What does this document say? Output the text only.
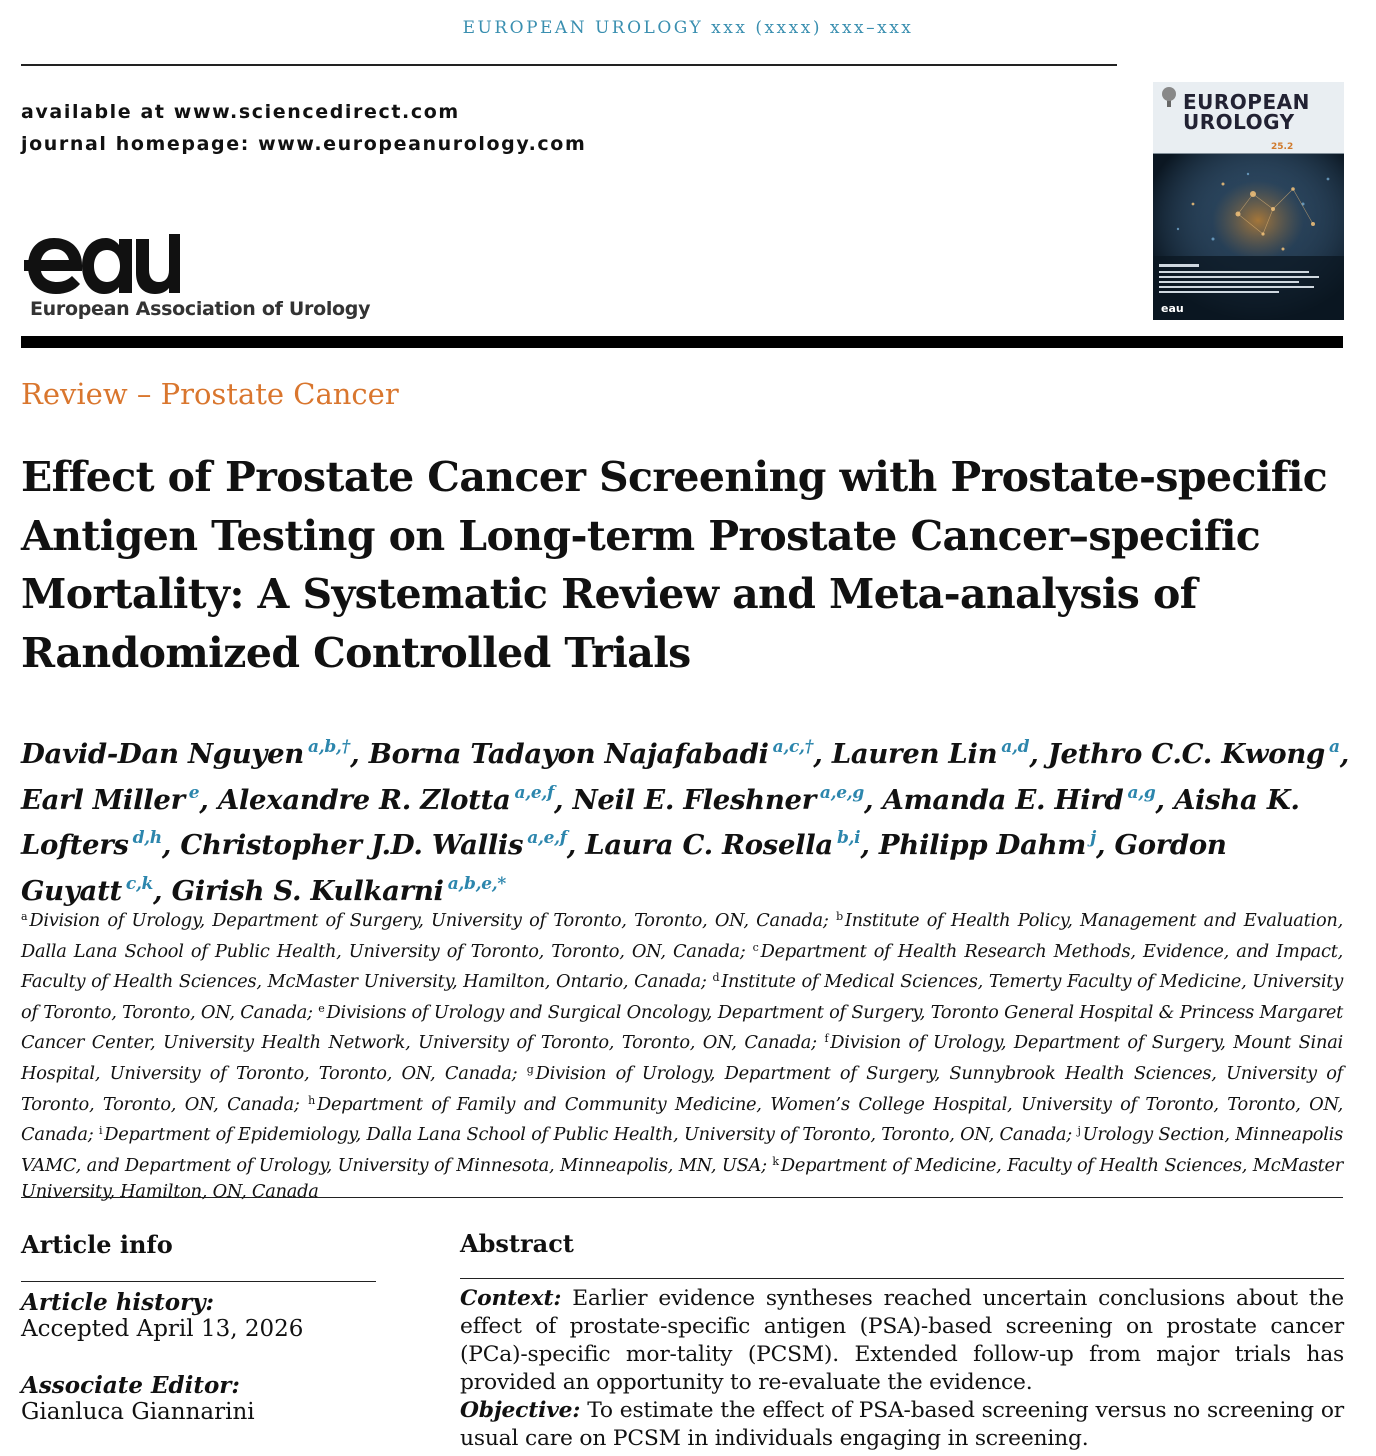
EUROPEAN UROLOGY xxx (xxxx) xxx–xxx
available at www.sciencedirect.com
journal homepage: www.europeanurology.com
European Association of Urology
EUROPEAN
UROLOGY
25.2
eau
Review – Prostate Cancer
Effect of Prostate Cancer Screening with Prostate-specific Antigen Testing on Long-term Prostate Cancer–specific Mortality: A Systematic Review and Meta-analysis of Randomized Controlled Trials
David-Dan Nguyen $^{a,b,\dagger}$, Borna Tadayon Najafabadi $^{a,c,\dagger}$, Lauren Lin $^{a,d}$, Jethro C.C. Kwong $^a$, Earl Miller $^e$, Alexandre R. Zlotta $^{a,e,f}$, Neil E. Fleshner $^{a,e,g}$, Amanda E. Hird $^{a,g}$, Aisha K. Lofters $^{d,h}$, Christopher J.D. Wallis $^{a,e,f}$, Laura C. Rosella $^{b,i}$, Philipp Dahm $^j$, Gordon Guyatt $^{c,k}$, Girish S. Kulkarni $^{a,b,e,*}$
$^a$ Division of Urology, Department of Surgery, University of Toronto, Toronto, ON, Canada; $^b$ Institute of Health Policy, Management and Evaluation, Dalla Lana School of Public Health, University of Toronto, Toronto, ON, Canada; $^c$ Department of Health Research Methods, Evidence, and Impact, Faculty of Health Sciences, McMaster University, Hamilton, Ontario, Canada; $^d$ Institute of Medical Sciences, Temerty Faculty of Medicine, University of Toronto, Toronto, ON, Canada; $^e$ Divisions of Urology and Surgical Oncology, Department of Surgery, Toronto General Hospital & Princess Margaret Cancer Center, University Health Network, University of Toronto, Toronto, ON, Canada; $^f$ Division of Urology, Department of Surgery, Mount Sinai Hospital, University of Toronto, Toronto, ON, Canada; $^g$ Division of Urology, Department of Surgery, Sunnybrook Health Sciences, University of Toronto, Toronto, ON, Canada; $^h$ Department of Family and Community Medicine, Women’s College Hospital, University of Toronto, Toronto, ON, Canada; $^i$ Department of Epidemiology, Dalla Lana School of Public Health, University of Toronto, Toronto, ON, Canada; $^j$ Urology Section, Minneapolis VAMC, and Department of Urology, University of Minnesota, Minneapolis, MN, USA; $^k$ Department of Medicine, Faculty of Health Sciences, McMaster University, Hamilton, ON, Canada
Article info
Article history:
Accepted April 13, 2026
Associate Editor:
Gianluca Giannarini
Abstract
Context: Earlier evidence syntheses reached uncertain conclusions about the effect of prostate-specific antigen (PSA)-based screening on prostate cancer (PCa)-specific mor-tality (PCSM). Extended follow-up from major trials has provided an opportunity to re-evaluate the evidence.
Objective: To estimate the effect of PSA-based screening versus no screening or usual care on PCSM in individuals engaging in screening.
